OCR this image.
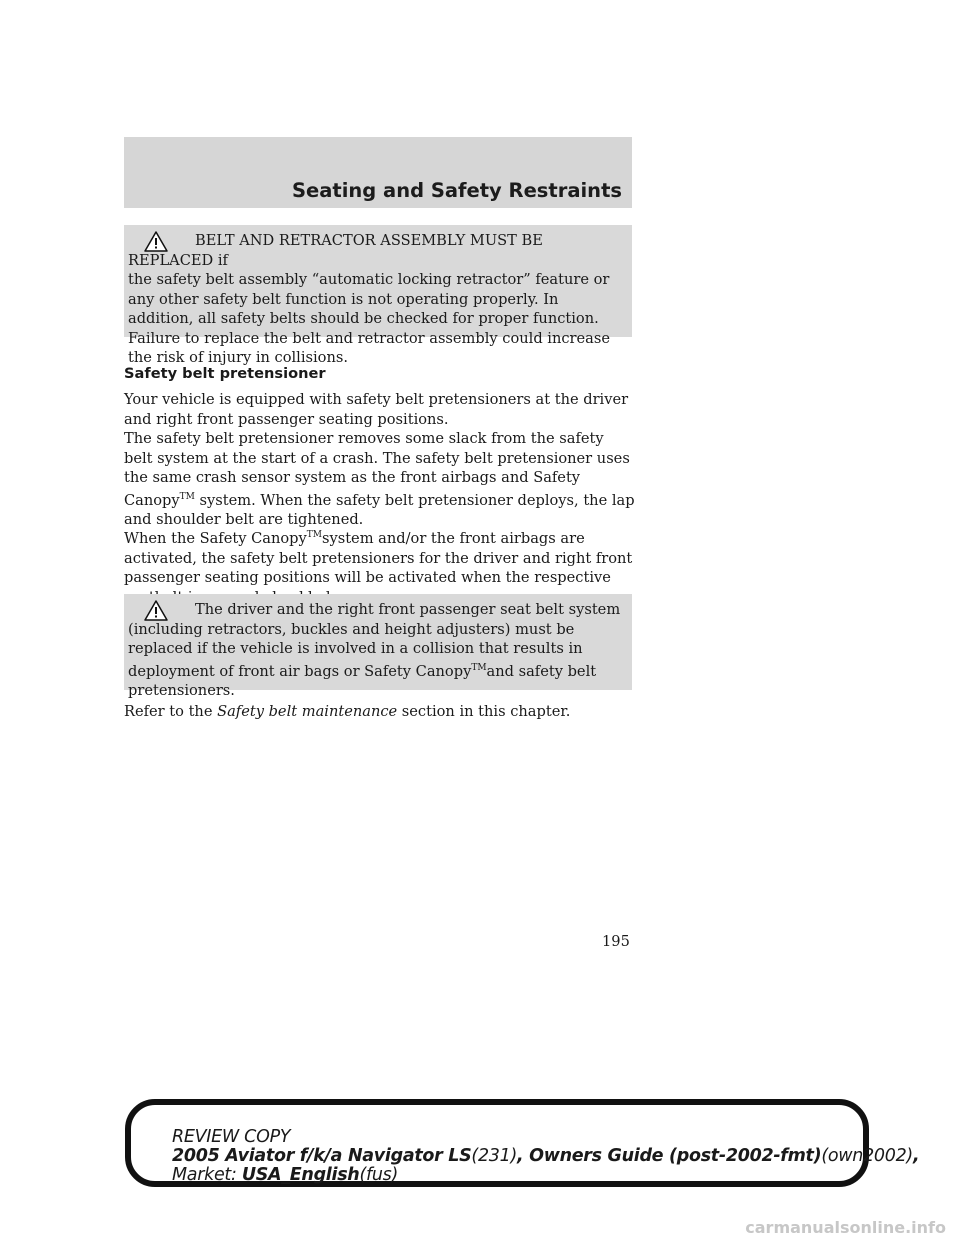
Seating and Safety Restraints
BELT AND RETRACTOR ASSEMBLY MUST BE REPLACED if
the safety belt assembly “automatic locking retractor” feature or any other safety belt function is not operating properly. In addition, all safety belts should be checked for proper function. Failure to replace the belt and retractor assembly could increase the risk of injury in collisions.
Safety belt pretensioner

Your vehicle is equipped with safety belt pretensioners at the driver and right front passenger seating positions.

The safety belt pretensioner removes some slack from the safety belt system at the start of a crash. The safety belt pretensioner uses the same crash sensor system as the front airbags and Safety Canopy™ system. When the safety belt pretensioner deploys, the lap and shoulder belt are tightened.

When the Safety Canopy™system and/or the front airbags are activated, the safety belt pretensioners for the driver and right front passenger seating positions will be activated when the respective

The driver and the right front passenger seat belt system
(including retractors, buckles and height adjusters) must be replaced if the vehicle is involved in a collision that results in deployment of front air bags or Safety Canopy™and safety belt pretensioners.

Refer to the Safety belt maintenance section in this chapter.

195
REVIEW COPY
2005 Aviator f/k/a Navigator LS(231), Owners Guide (post-2002-fmt)(own2002),
Market: USA_English(fus)
carmanualsonline.info
